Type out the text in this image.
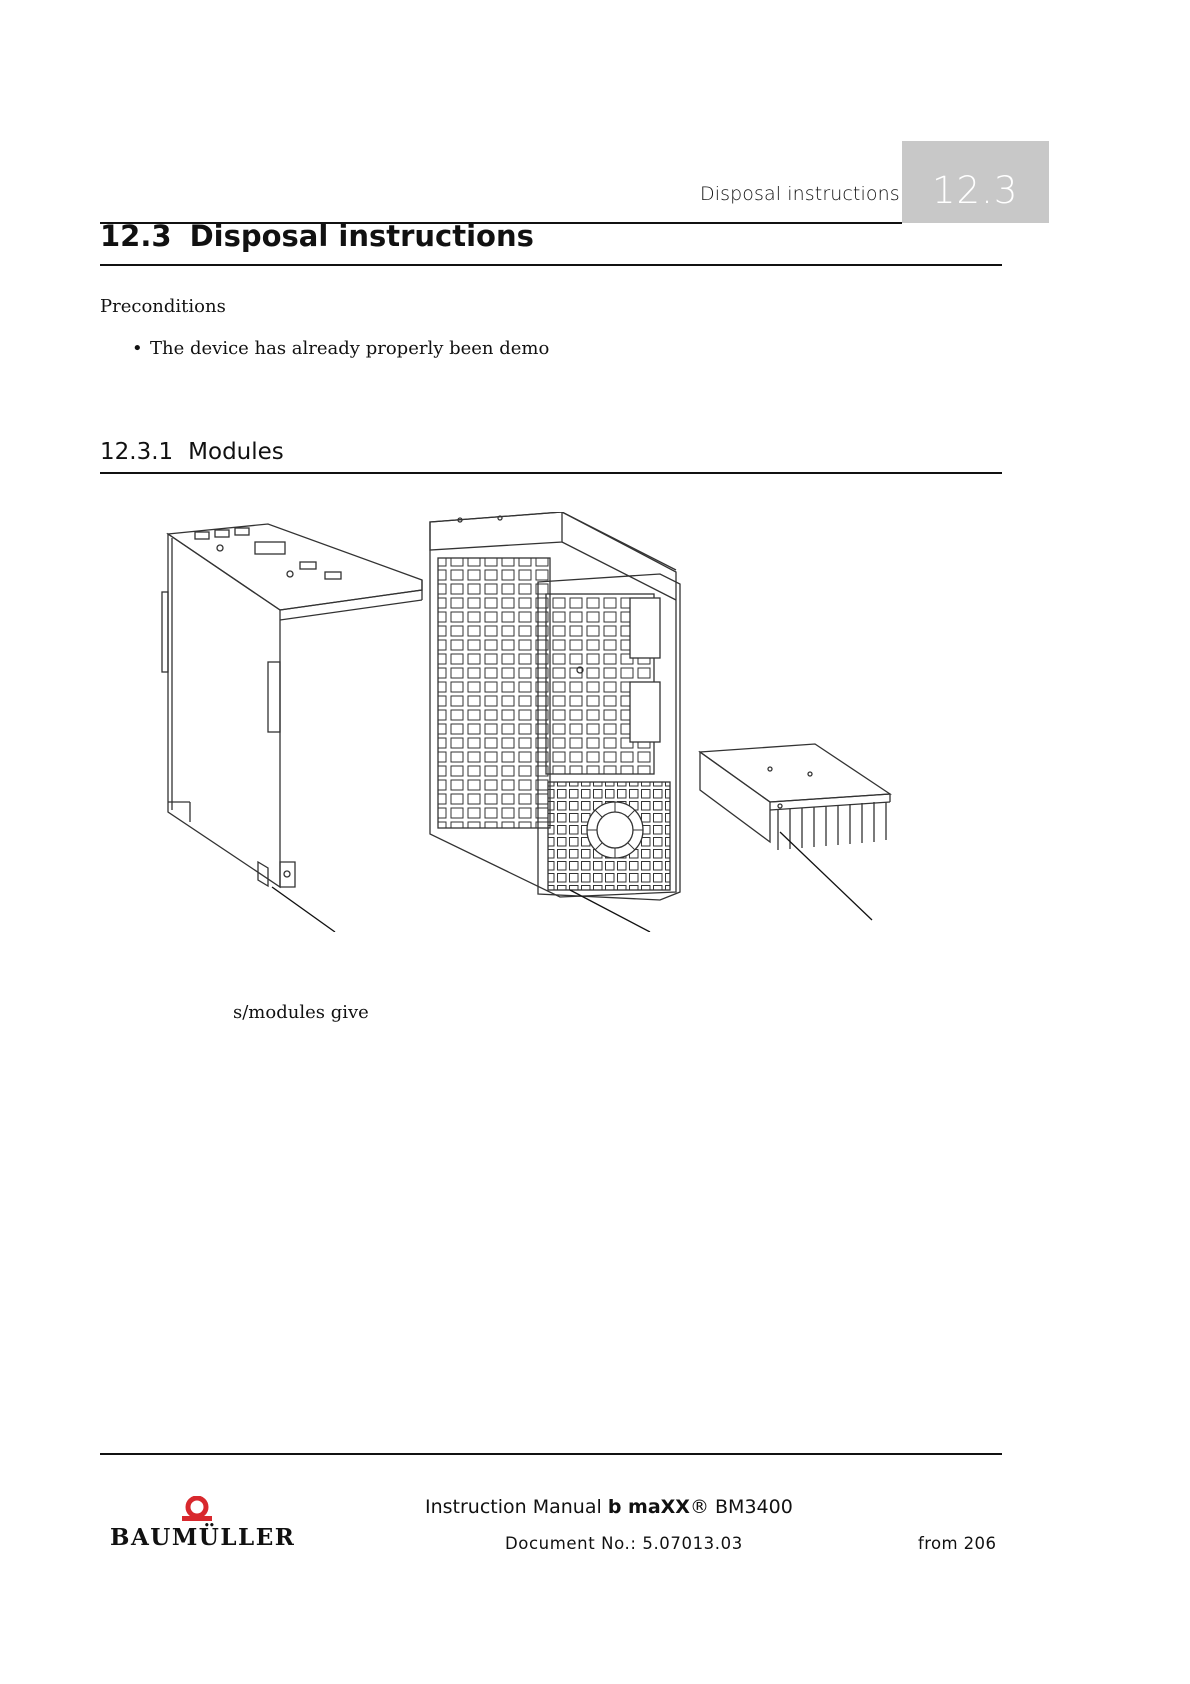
Disposal instructions 12.3
12.3 Disposal instructions
Preconditions
• The device has already properly been demo
12.3.1 Modules
s/modules give
BAUMÜLLER
Instruction Manual b maXX® BM3400
Document No.: 5.07013.03	from 206
